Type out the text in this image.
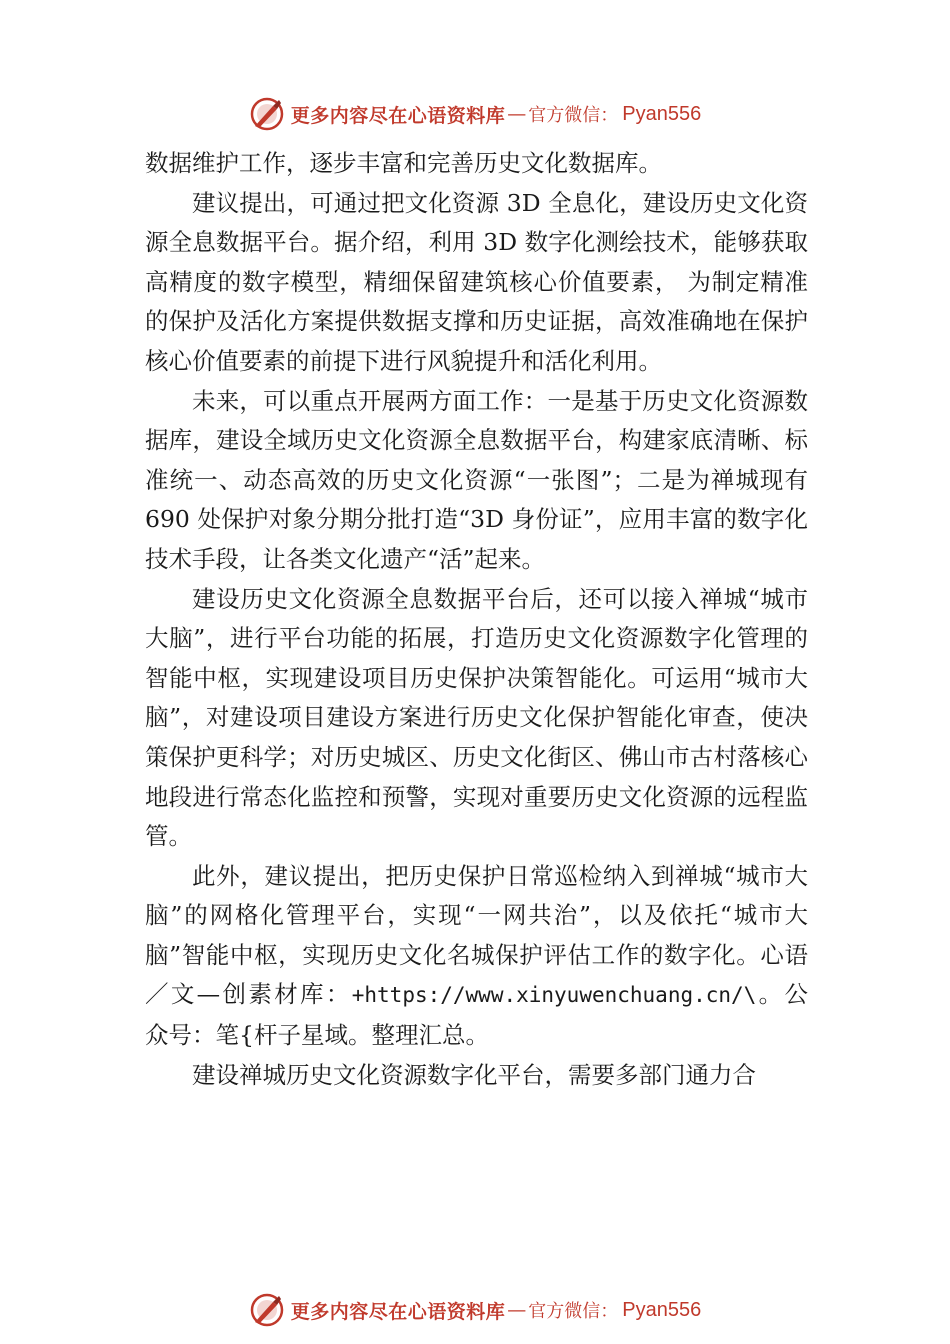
更多内容尽在心语资料库 — 官方微信： Pyan556

数据维护工作，逐步丰富和完善历史文化数据库。

建议提出，可通过把文化资源 3D 全息化，建设历史文化资源全息数据平台。据介绍，利用 3D 数字化测绘技术，能够获取高精度的数字模型，精细保留建筑核心价值要素， 为制定精准的保护及活化方案提供数据支撑和历史证据，高效准确地在保护核心价值要素的前提下进行风貌提升和活化利用。

未来，可以重点开展两方面工作：一是基于历史文化资源数据库，建设全域历史文化资源全息数据平台，构建家底清晰、标准统一、动态高效的历史文化资源“一张图”；二是为禅城现有 690 处保护对象分期分批打造“3D 身份证”，应用丰富的数字化技术手段，让各类文化遗产“活”起来。

建设历史文化资源全息数据平台后，还可以接入禅城“城市大脑”，进行平台功能的拓展，打造历史文化资源数字化管理的智能中枢，实现建设项目历史保护决策智能化。可运用“城市大脑”，对建设项目建设方案进行历史文化保护智能化审查，使决策保护更科学；对历史城区、历史文化街区、佛山市古村落核心地段进行常态化监控和预警，实现对重要历史文化资源的远程监管。

此外，建议提出，把历史保护日常巡检纳入到禅城“城市大脑”的网格化管理平台，实现“一网共治”，以及依托“城市大脑”智能中枢，实现历史文化名城保护评估工作的数字化。心语／文—创素材库：+https://www.xinyuwenchuang.cn/\。公众号：笔{杆子星域。整理汇总。

建设禅城历史文化资源数字化平台，需要多部门通力合

更多内容尽在心语资料库 — 官方微信： Pyan556
